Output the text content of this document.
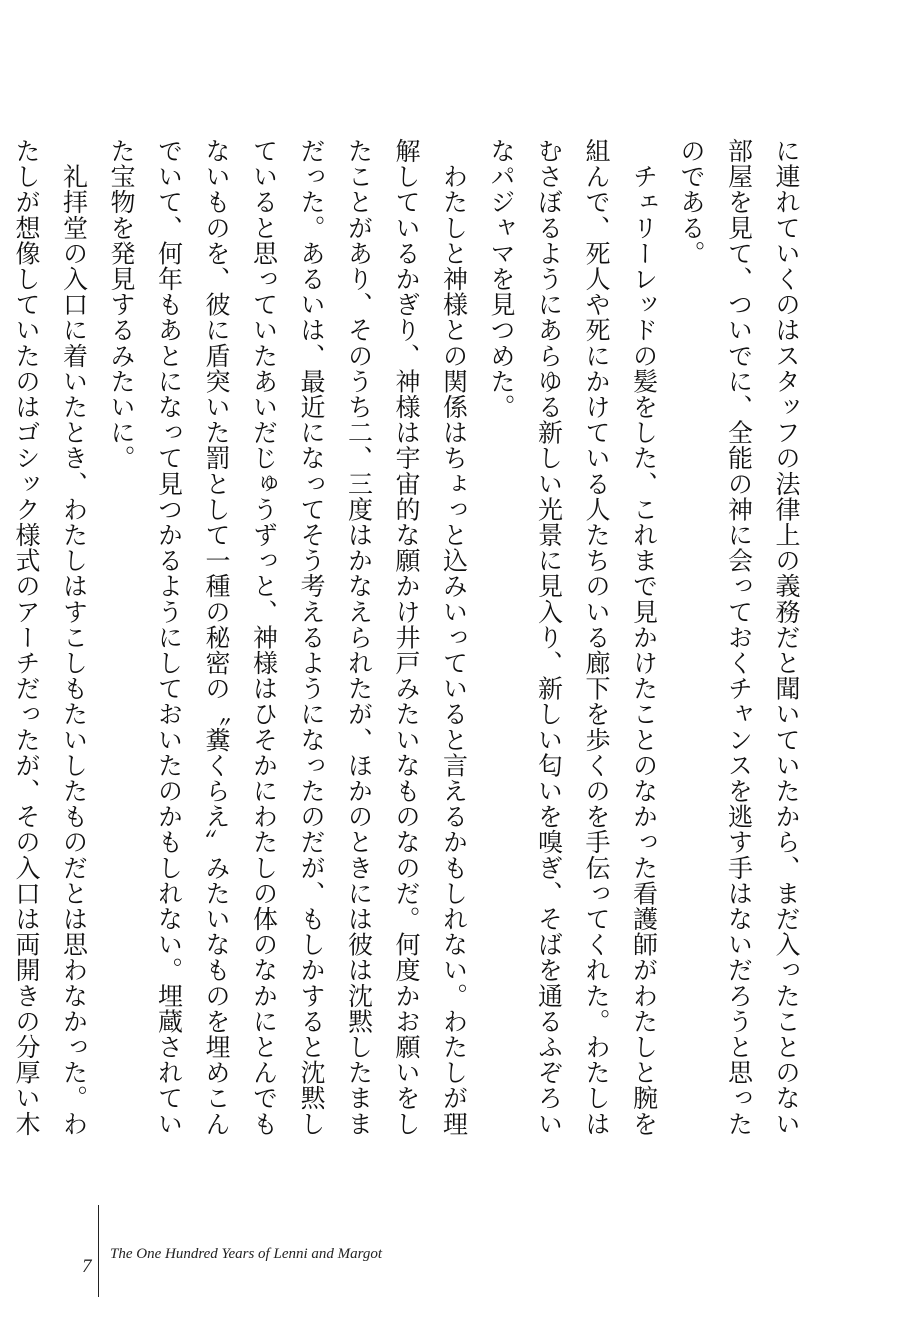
に連れていくのはスタッフの法律上の義務だと聞いていたから、まだ入ったことのない部屋を見て、ついでに、全能の神に会っておくチャンスを逃す手はないだろうと思ったのである。

　チェリーレッドの髪をした、これまで見かけたことのなかった看護師がわたしと腕を組んで、死人や死にかけている人たちのいる廊下を歩くのを手伝ってくれた。わたしはむさぼるようにあらゆる新しい光景に見入り、新しい匂いを嗅ぎ、そばを通るふぞろいなパジャマを見つめた。

　わたしと神様との関係はちょっと込みいっていると言えるかもしれない。わたしが理解しているかぎり、神様は宇宙的な願かけ井戸みたいなものなのだ。何度かお願いをしたことがあり、そのうち二、三度はかなえられたが、ほかのときには彼は沈黙したままだった。あるいは、最近になってそう考えるようになったのだが、もしかすると沈黙していると思っていたあいだじゅうずっと、神様はひそかにわたしの体のなかにとんでもないものを、彼に盾突いた罰として一種の秘密の〝糞くらえ〟みたいなものを埋めこんでいて、何年もあとになって見つかるようにしておいたのかもしれない。埋蔵されていた宝物を発見するみたいに。

　礼拝堂の入口に着いたとき、わたしはすこしもたいしたものだとは思わなかった。わたしが想像していたのはゴシック様式のアーチだったが、その入口は両開きの分厚い木

7
The One Hundred Years of Lenni and Margot
